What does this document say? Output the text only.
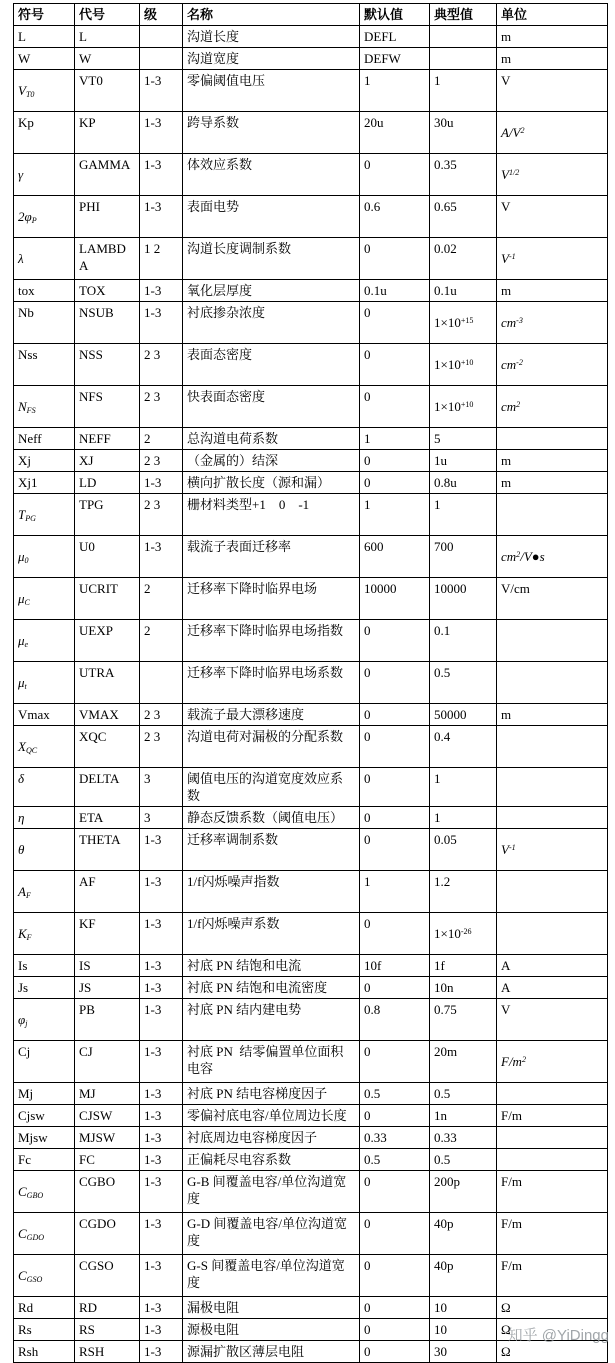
符号	代号	级	名称	默认值	典型值	单位
L	L		沟道长度	DEFL		m
W	W		沟道宽度	DEFW		m
$V_{T0}$	VT0	1-3	零偏阈值电压	1	1	V
Kp	KP	1-3	跨导系数	20u	30u	$A/V^2$
γ	GAMMA	1-3	体效应系数	0	0.35	$V^{1/2}$
$2\varphi_P$	PHI	1-3	表面电势	0.6	0.65	V
λ	LAMBDA	1 2	沟道长度调制系数	0	0.02	$V^{-1}$
tox	TOX	1-3	氧化层厚度	0.1u	0.1u	m
Nb	NSUB	1-3	衬底掺杂浓度	0	$1\times 10^{+15}$	$cm^{-3}$
Nss	NSS	2 3	表面态密度	0	$1\times 10^{+10}$	$cm^{-2}$
$N_{FS}$	NFS	2 3	快表面态密度	0	$1\times 10^{+10}$	$cm^2$
Neff	NEFF	2	总沟道电荷系数	1	5	
Xj	XJ	2 3	（金属的）结深	0	1u	m
Xj1	LD	1-3	横向扩散长度（源和漏）	0	0.8u	m
$T_{PG}$	TPG	2 3	栅材料类型+1    0    -1	1	1	
$\mu_0$	U0	1-3	载流子表面迁移率	600	700	$cm^2/V●s$
$\mu_C$	UCRIT	2	迁移率下降时临界电场	10000	10000	V/cm
$\mu_e$	UEXP	2	迁移率下降时临界电场指数	0	0.1	
$\mu_t$	UTRA		迁移率下降时临界电场系数	0	0.5	
Vmax	VMAX	2 3	载流子最大漂移速度	0	50000	m
$X_{QC}$	XQC	2 3	沟道电荷对漏极的分配系数	0	0.4	
δ	DELTA	3	阈值电压的沟道宽度效应系数	0	1	
η	ETA	3	静态反馈系数（阈值电压）	0	1	
θ	THETA	1-3	迁移率调制系数	0	0.05	$V^{-1}$
$A_F$	AF	1-3	1/f闪烁噪声指数	1	1.2	
$K_F$	KF	1-3	1/f闪烁噪声系数	0	$1\times 10^{-26}$	
Is	IS	1-3	衬底 PN 结饱和电流	10f	1f	A
Js	JS	1-3	衬底 PN 结饱和电流密度	0	10n	A
$\varphi_j$	PB	1-3	衬底 PN 结内建电势	0.8	0.75	V
Cj	CJ	1-3	衬底 PN  结零偏置单位面积电容	0	20m	$F/m^2$
Mj	MJ	1-3	衬底 PN 结电容梯度因子	0.5	0.5	
Cjsw	CJSW	1-3	零偏衬底电容/单位周边长度	0	1n	F/m
Mjsw	MJSW	1-3	衬底周边电容梯度因子	0.33	0.33	
Fc	FC	1-3	正偏耗尽电容系数	0.5	0.5	
$C_{GBO}$	CGBO	1-3	G-B 间覆盖电容/单位沟道宽度	0	200p	F/m
$C_{GDO}$	CGDO	1-3	G-D 间覆盖电容/单位沟道宽度	0	40p	F/m
$C_{GSO}$	CGSO	1-3	G-S 间覆盖电容/单位沟道宽度	0	40p	F/m
Rd	RD	1-3	漏极电阻	0	10	Ω
Rs	RS	1-3	源极电阻	0	10	Ω
Rsh	RSH	1-3	源漏扩散区薄层电阻	0	30	Ω
知乎 @YiDingg
